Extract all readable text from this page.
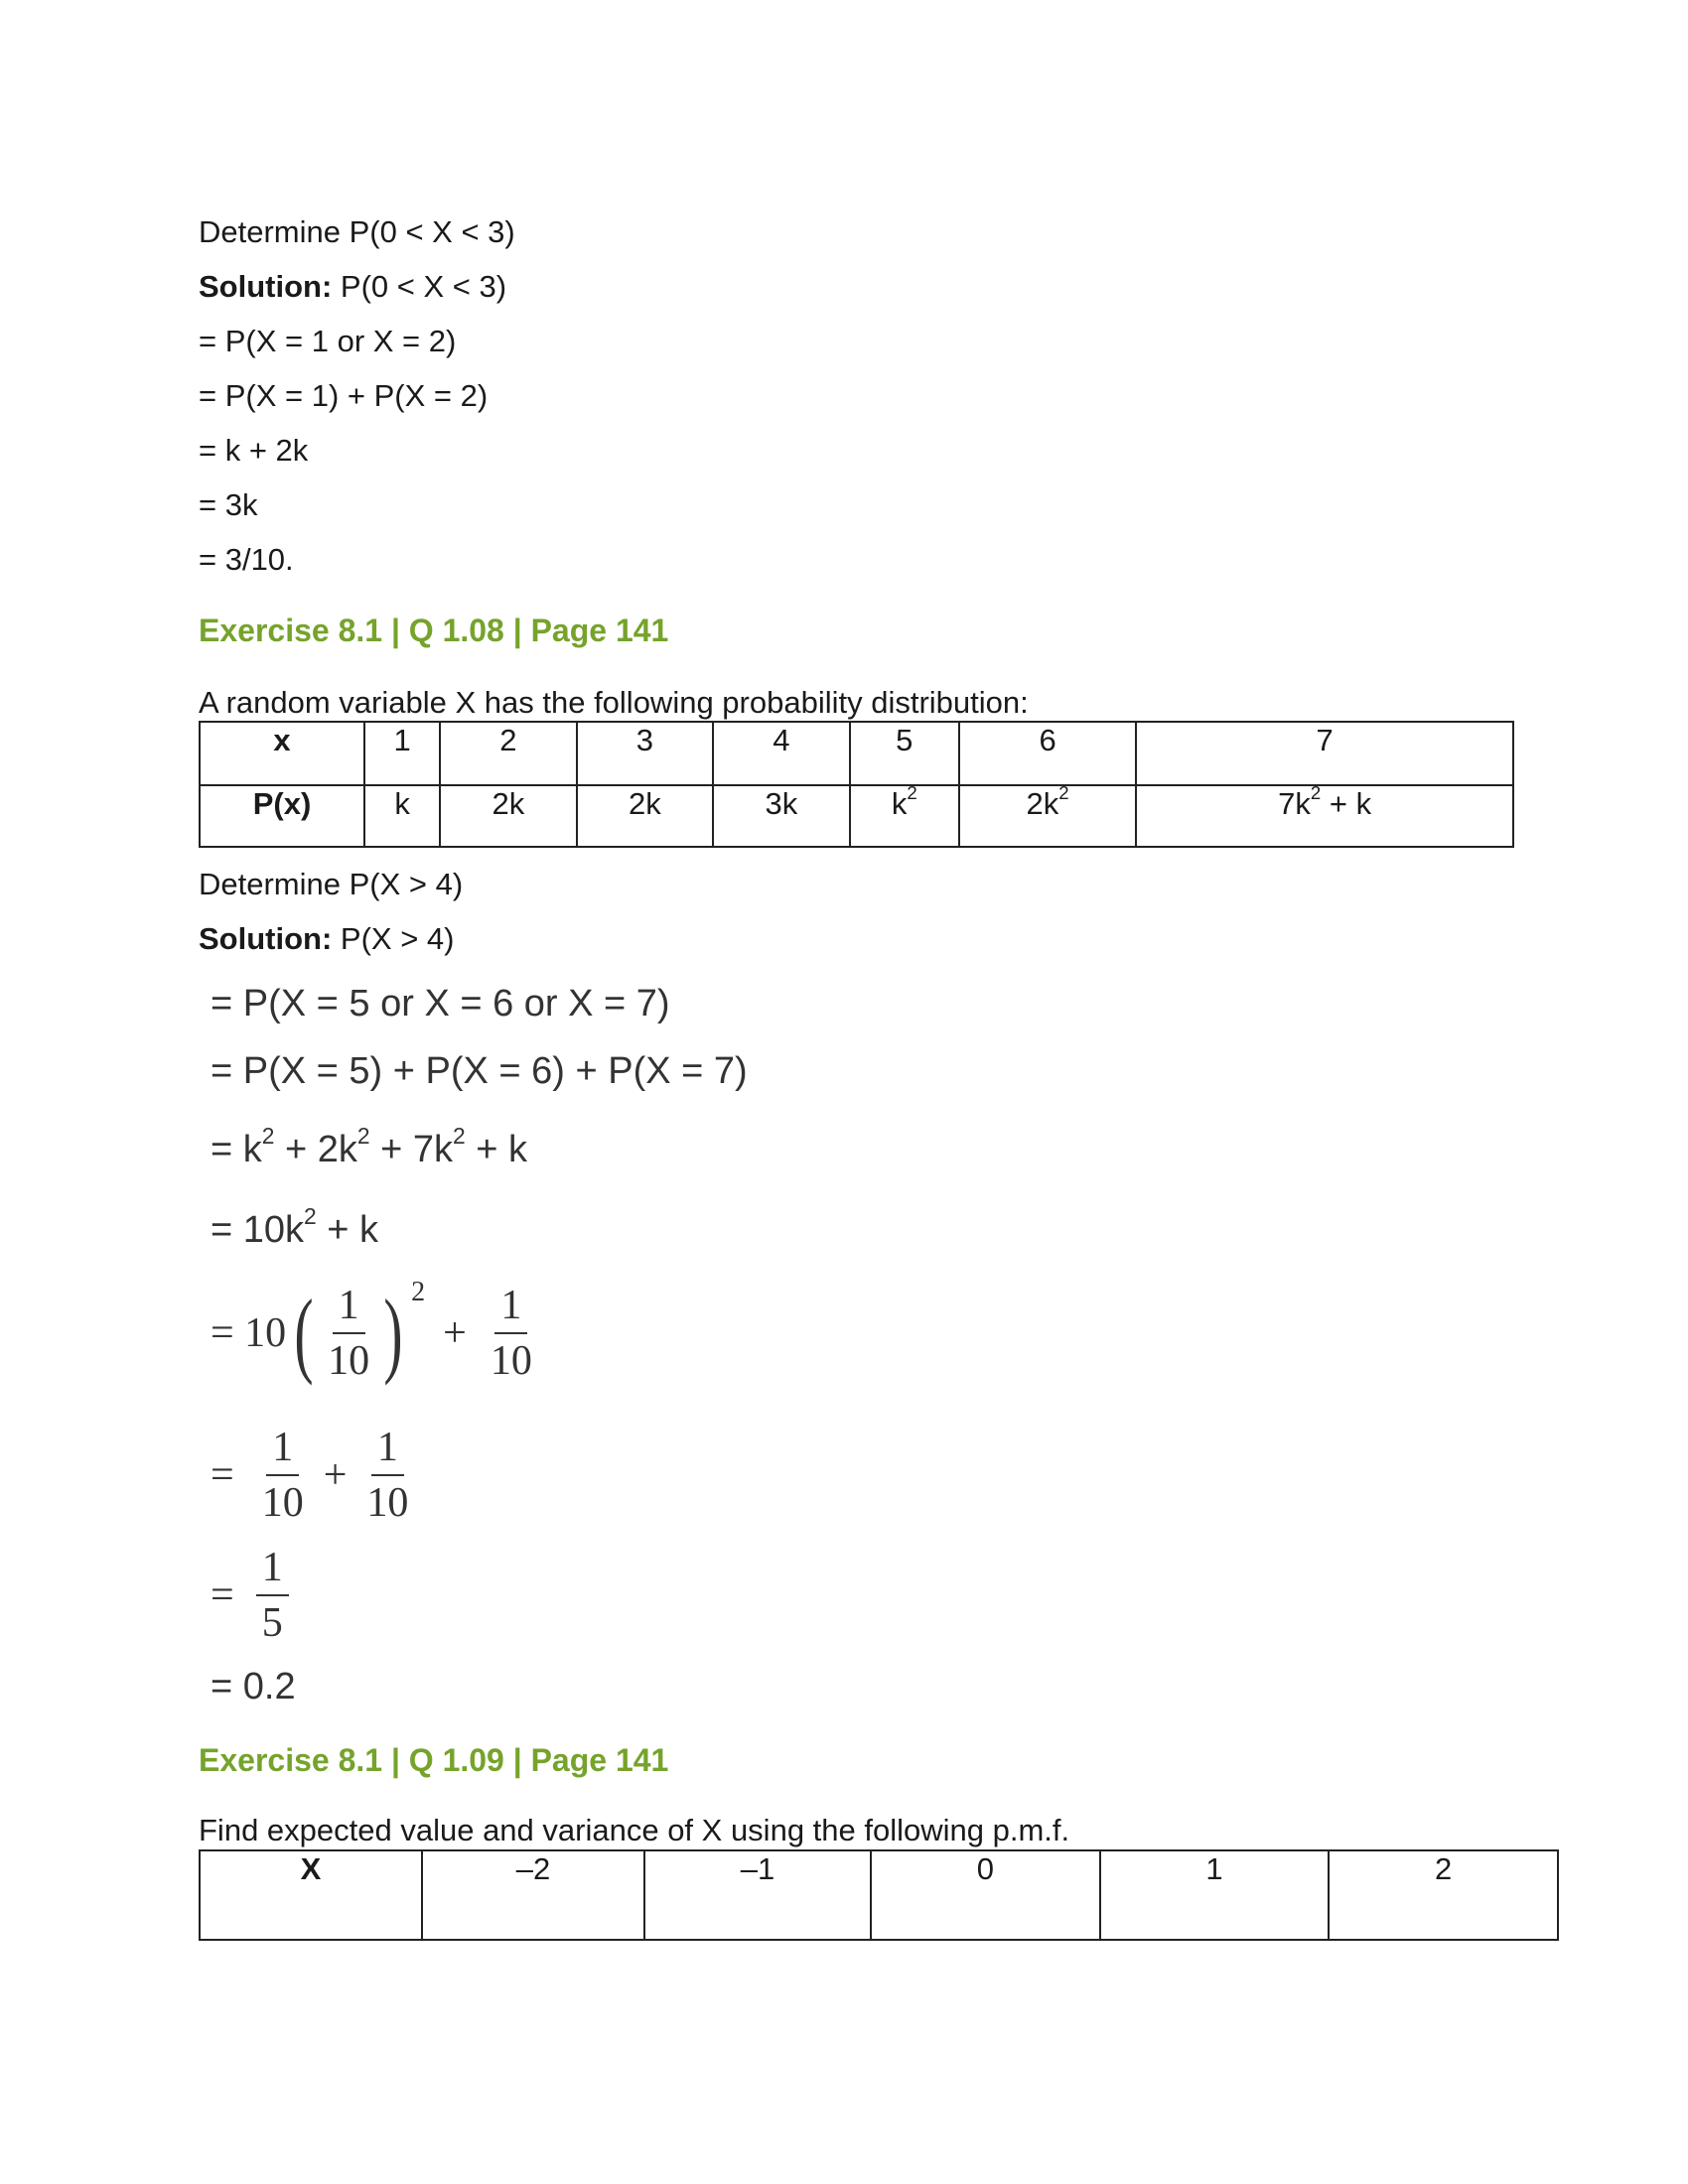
Determine P(0 < X < 3)
Solution: P(0 < X < 3)
= P(X = 1 or X = 2)
= P(X = 1) + P(X = 2)
= k + 2k
= 3k
= 3/10.
Exercise 8.1 | Q 1.08 | Page 141
A random variable X has the following probability distribution:
x	1	2	3	4	5	6	7
P(x)	k	2k	2k	3k	$k^2$	$2k^2$	$7k^2 + k$
Determine P(X > 4)
Solution: P(X > 4)
= P(X = 5 or X = 6 or X = 7)
= P(X = 5) + P(X = 6) + P(X = 7)
= $k^2 + 2k^2 + 7k^2 + k$
= $10k^2 + k$
= 10 ( $\frac{1}{10}$ ) 2
+ $\frac{1}{10}$
= $\frac{1}{10} + \frac{1}{10}$
= $\frac{1}{5}$
= 0.2
Exercise 8.1 | Q 1.09 | Page 141
Find expected value and variance of X using the following p.m.f.
X	–2	–1	0	1	2
